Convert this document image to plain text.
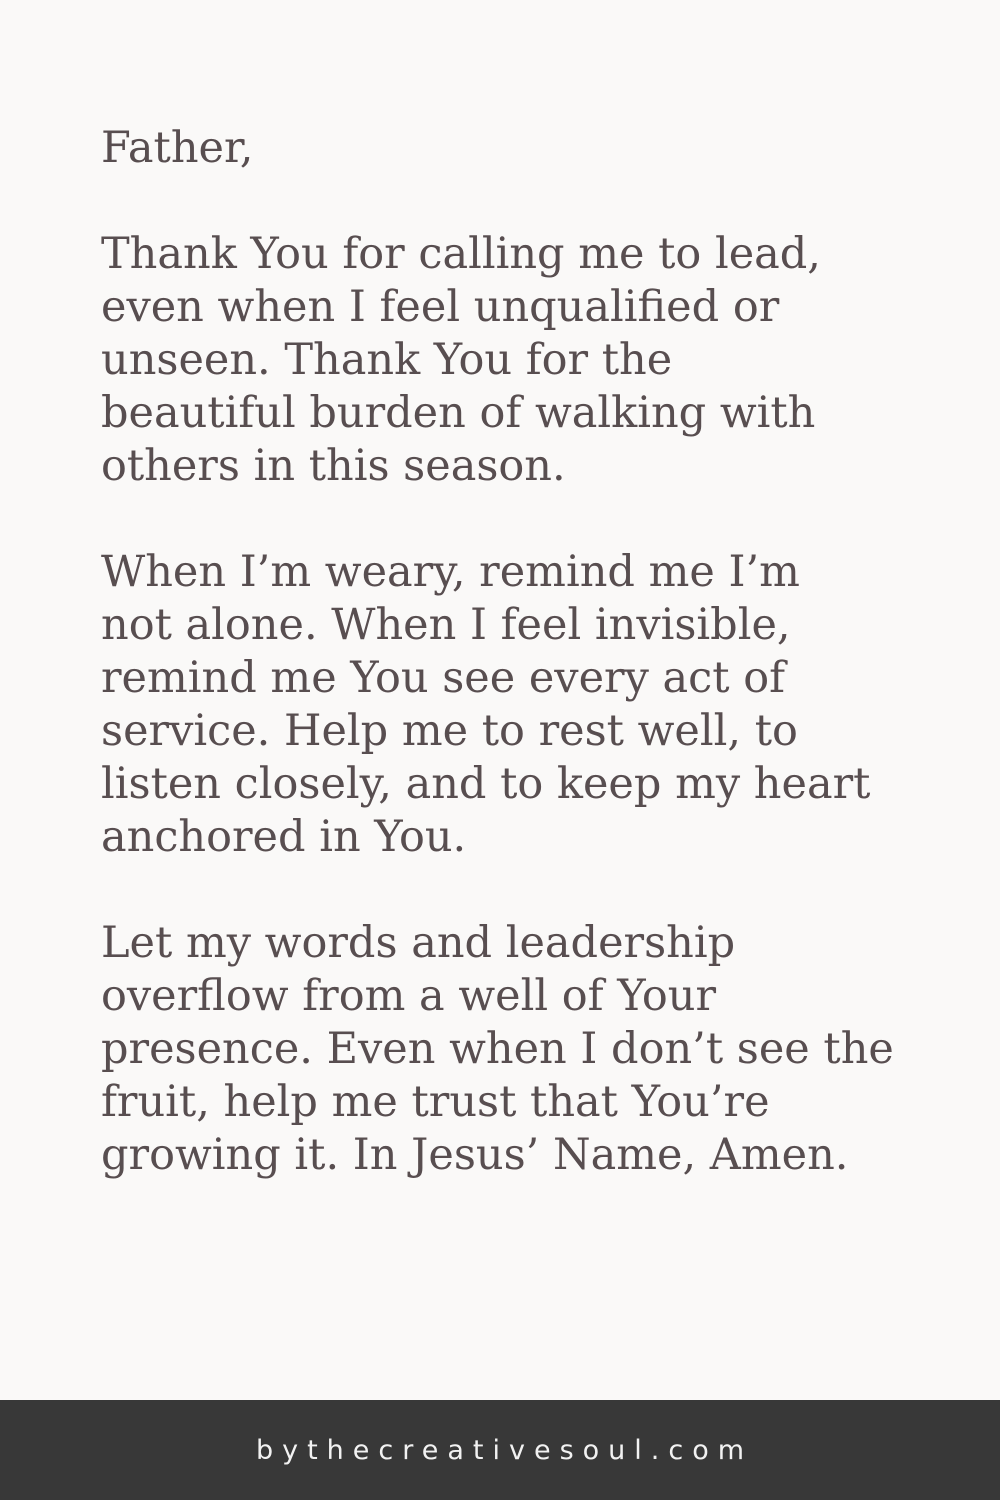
Father,

Thank You for calling me to lead,
even when I feel unqualified or
unseen. Thank You for the
beautiful burden of walking with
others in this season.

When I’m weary, remind me I’m
not alone. When I feel invisible,
remind me You see every act of
service. Help me to rest well, to
listen closely, and to keep my heart
anchored in You.

Let my words and leadership
overflow from a well of Your
presence. Even when I don’t see the
fruit, help me trust that You’re
growing it. In Jesus’ Name, Amen.

bythecreativesoul.com
